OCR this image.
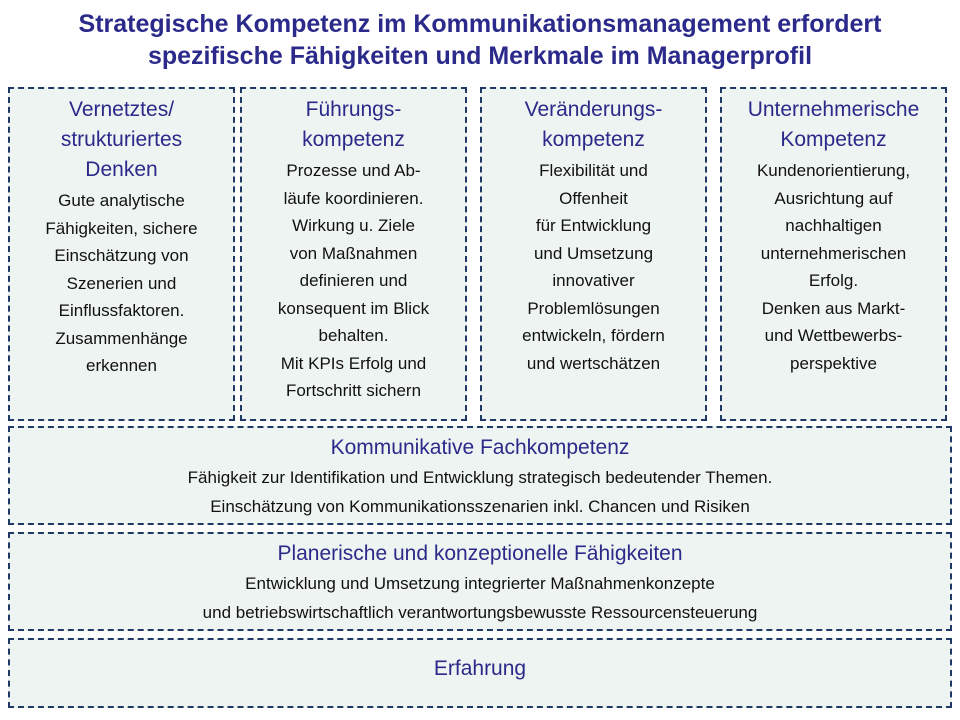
Strategische Kompetenz im Kommunikationsmanagement erfordert
spezifische Fähigkeiten und Merkmale im Managerprofil
Vernetztes/
strukturiertes
Denken
Gute analytische
Fähigkeiten, sichere
Einschätzung von
Szenerien und
Einflussfaktoren.
Zusammenhänge
erkennen
Führungs-
kompetenz
Prozesse und Ab-
läufe koordinieren.
Wirkung u. Ziele
von Maßnahmen
definieren und
konsequent im Blick
behalten.
Mit KPIs Erfolg und
Fortschritt sichern
Veränderungs-
kompetenz
Flexibilität und
Offenheit
für Entwicklung
und Umsetzung
innovativer
Problemlösungen
entwickeln, fördern
und wertschätzen
Unternehmerische
Kompetenz
Kundenorientierung,
Ausrichtung auf
nachhaltigen
unternehmerischen
Erfolg.
Denken aus Markt-
und Wettbewerbs-
perspektive
Kommunikative Fachkompetenz
Fähigkeit zur Identifikation und Entwicklung strategisch bedeutender Themen.
Einschätzung von Kommunikationsszenarien inkl. Chancen und Risiken
Planerische und konzeptionelle Fähigkeiten
Entwicklung und Umsetzung integrierter Maßnahmenkonzepte
und betriebswirtschaftlich verantwortungsbewusste Ressourcensteuerung
Erfahrung
